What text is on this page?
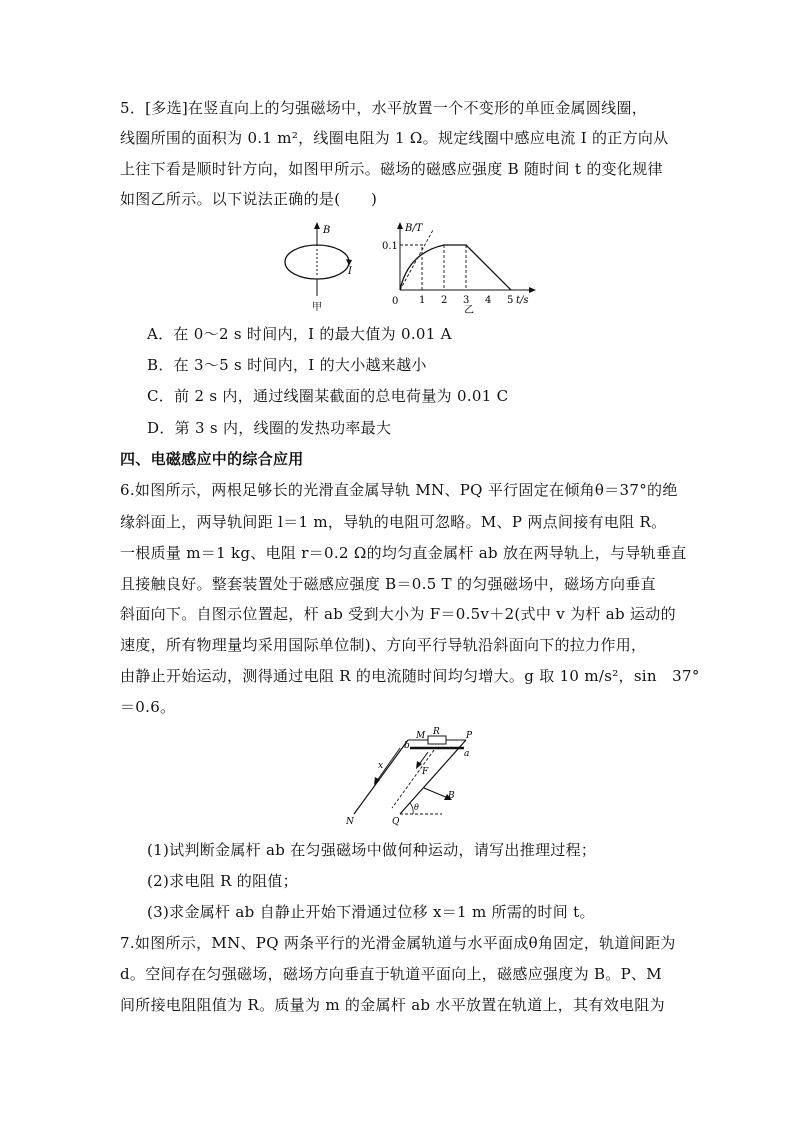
5．[多选]在竖直向上的匀强磁场中，水平放置一个不变形的单匝金属圆线圈，
线圈所围的面积为 0.1 m²，线圈电阻为 1 Ω。规定线圈中感应电流 I 的正方向从
上往下看是顺时针方向，如图甲所示。磁场的磁感应强度 B 随时间 t 的变化规律
如图乙所示。以下说法正确的是(　　)
B
I
甲
B/T
t/s
0
0.1
1 2 3 4 5
乙
A．在 0～2 s 时间内，I 的最大值为 0.01 A
B．在 3～5 s 时间内，I 的大小越来越小
C．前 2 s 内，通过线圈某截面的总电荷量为 0.01 C
D．第 3 s 内，线圈的发热功率最大
四、电磁感应中的综合应用
6.如图所示，两根足够长的光滑直金属导轨 MN、PQ 平行固定在倾角θ＝37°的绝
缘斜面上，两导轨间距 l＝1 m，导轨的电阻可忽略。M、P 两点间接有电阻 R。
一根质量 m＝1 kg、电阻 r＝0.2 Ω的均匀直金属杆 ab 放在两导轨上，与导轨垂直
且接触良好。整套装置处于磁感应强度 B＝0.5 T 的匀强磁场中，磁场方向垂直
斜面向下。自图示位置起，杆 ab 受到大小为 F＝0.5v＋2(式中 v 为杆 ab 运动的
速度，所有物理量均采用国际单位制)、方向平行导轨沿斜面向下的拉力作用，
由静止开始运动，测得通过电阻 R 的电流随时间均匀增大。g 取 10 m/s²，sin　37°
＝0.6。
M R	P
b
a
x
F
N	Q
θ
B
(1)试判断金属杆 ab 在匀强磁场中做何种运动，请写出推理过程；
(2)求电阻 R 的阻值；
(3)求金属杆 ab 自静止开始下滑通过位移 x＝1 m 所需的时间 t。
7.如图所示，MN、PQ 两条平行的光滑金属轨道与水平面成θ角固定，轨道间距为
d。空间存在匀强磁场，磁场方向垂直于轨道平面向上，磁感应强度为 B。P、M
间所接电阻阻值为 R。质量为 m 的金属杆 ab 水平放置在轨道上，其有效电阻为
